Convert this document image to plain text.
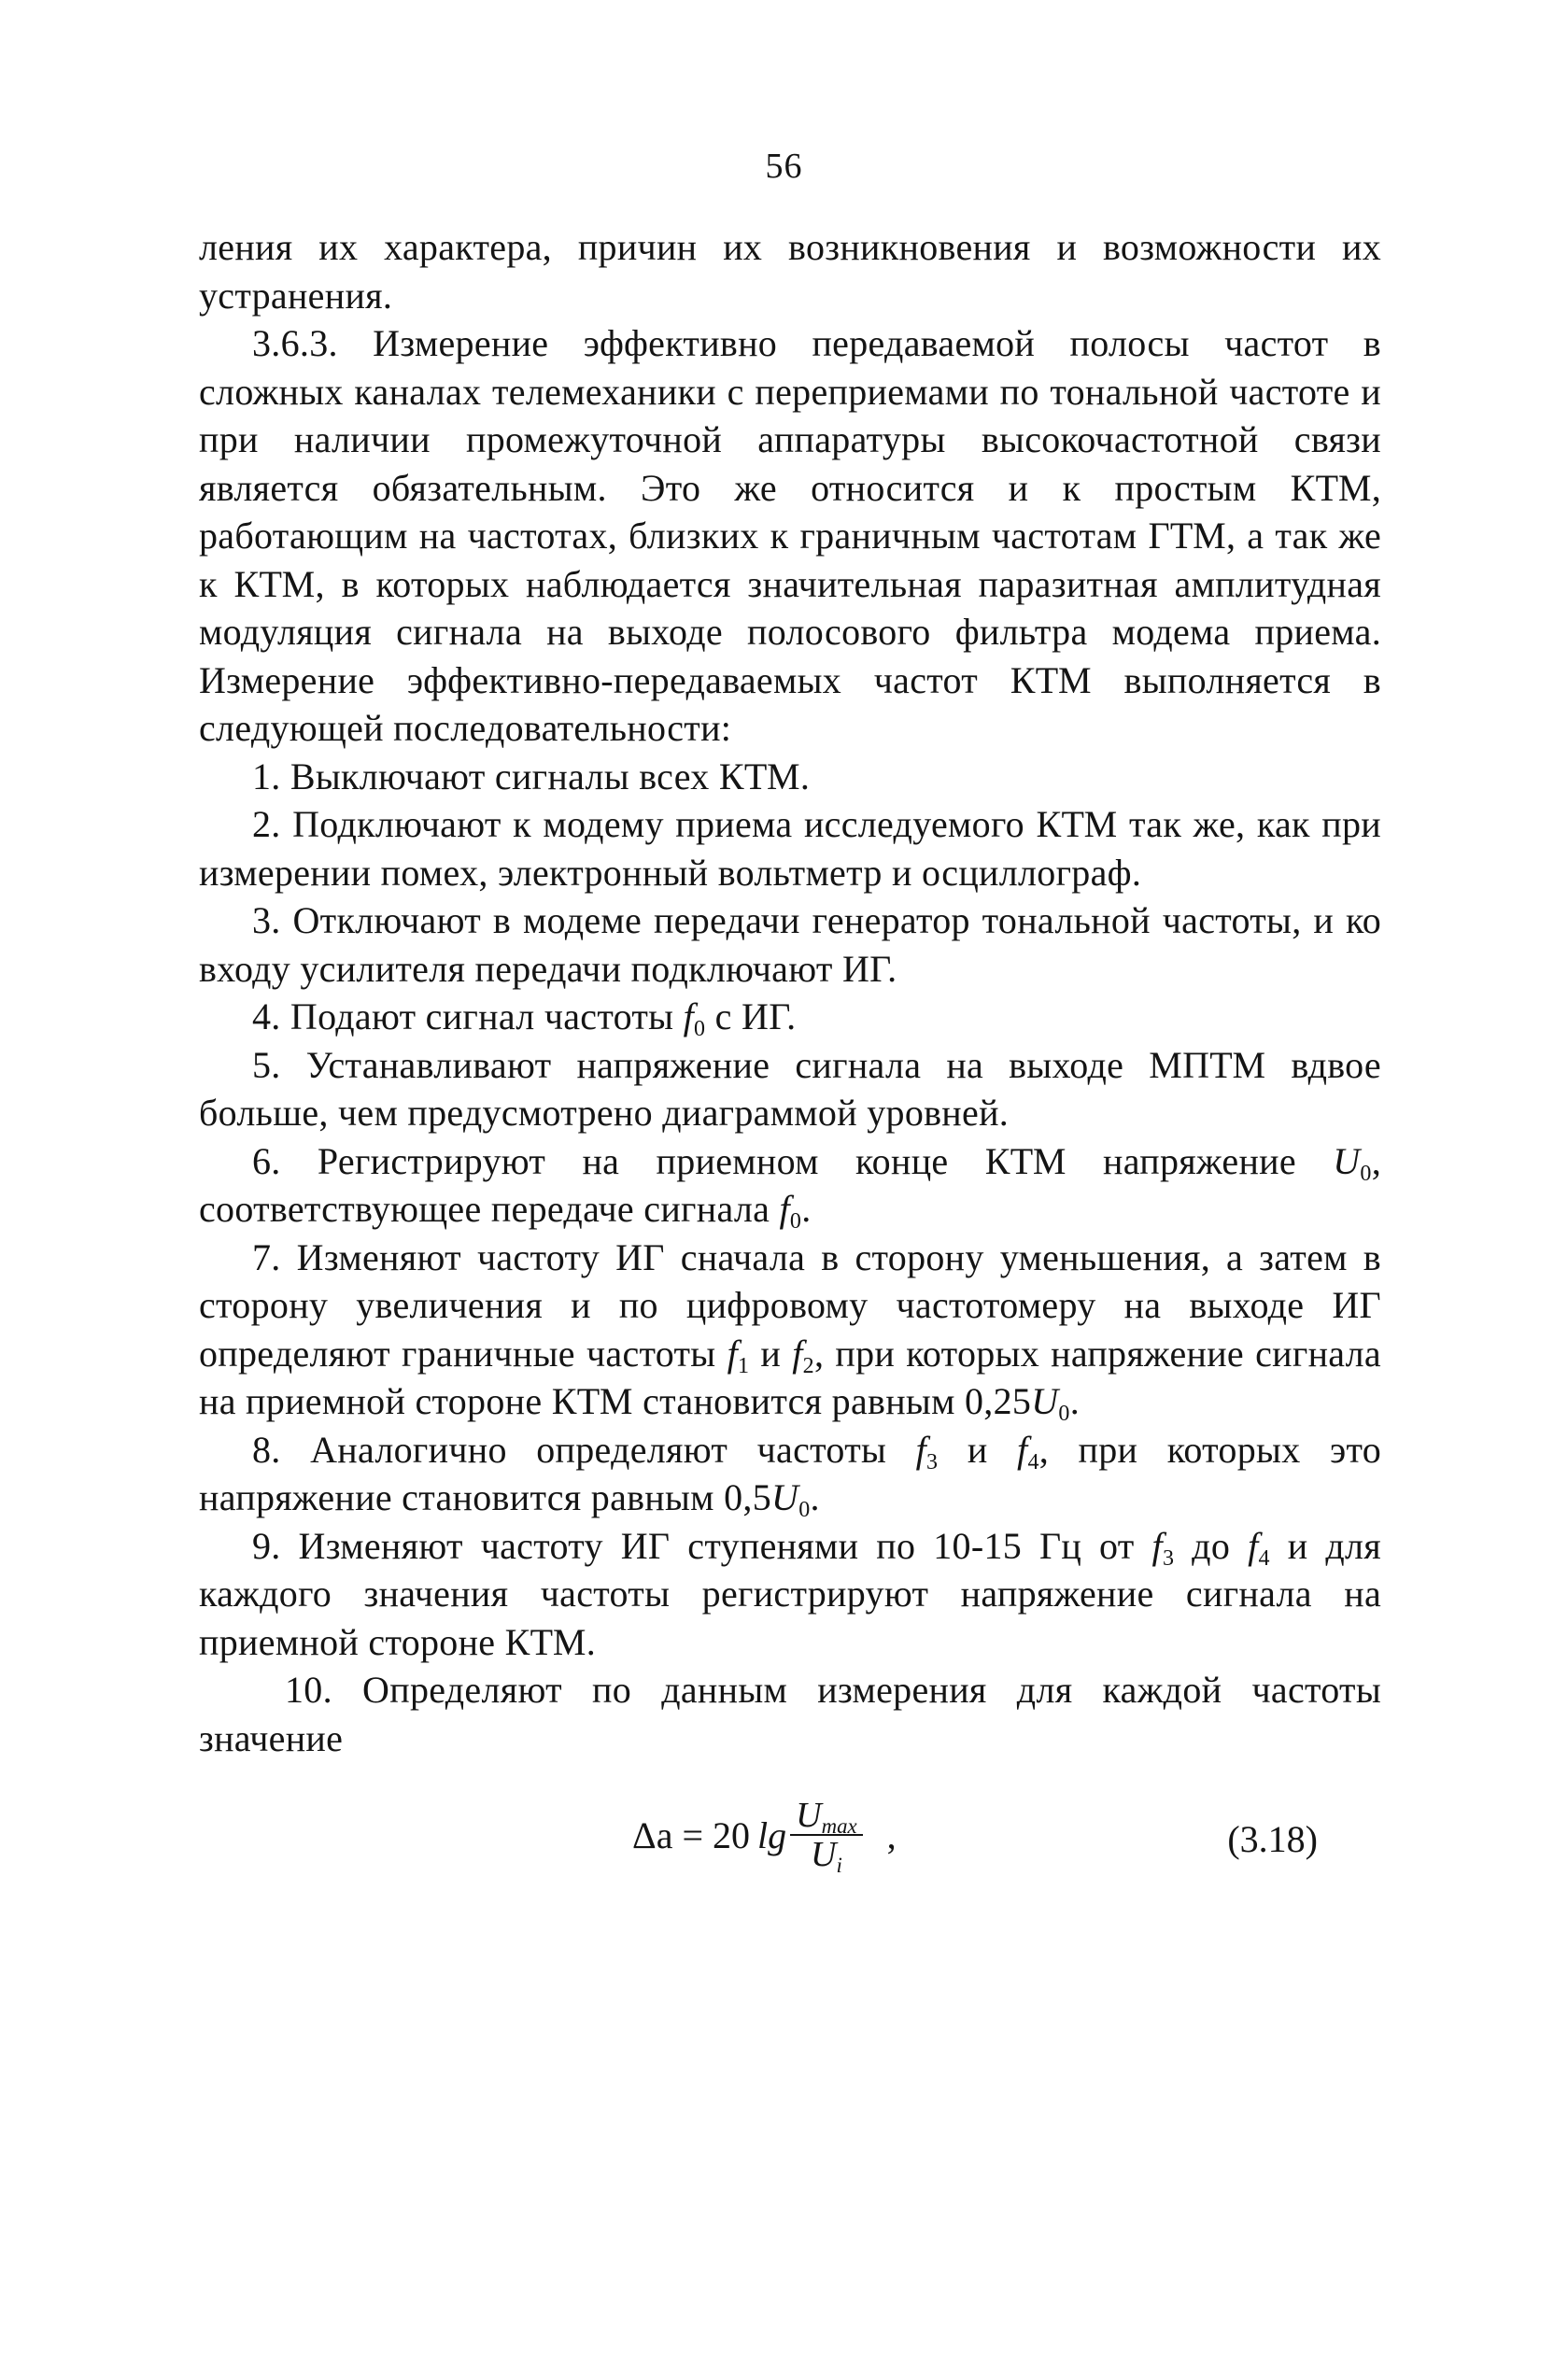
56

ления их характера, причин их возникновения и возможности их устранения.

3.6.3. Измерение эффективно передаваемой полосы частот в сложных каналах телемеханики с переприемами по тональной частоте и при наличии промежуточной аппаратуры высокочастотной связи является обязательным. Это же относится и к простым КТМ, работающим на частотах, близких к граничным частотам ГТМ, а так же к КТМ, в которых наблюдается значительная паразитная амплитудная модуляция сигнала на выходе полосового фильтра модема приема. Измерение эффективно-передаваемых частот КТМ выполняется в следующей последовательности:

1. Выключают сигналы всех КТМ.

2. Подключают к модему приема исследуемого КТМ так же, как при измерении помех, электронный вольтметр и осциллограф.

3. Отключают в модеме передачи генератор тональной частоты, и ко входу усилителя передачи подключают ИГ.

4. Подают сигнал частоты $f_0$ с ИГ.

5. Устанавливают напряжение сигнала на выходе МПТМ вдвое больше, чем предусмотрено диаграммой уровней.

6. Регистрируют на приемном конце КТМ напряжение $U_0$, соответствующее передаче сигнала $f_0$.

7. Изменяют частоту ИГ сначала в сторону уменьшения, а затем в сторону увеличения и по цифровому частотомеру на выходе ИГ определяют граничные частоты $f_1$ и $f_2$, при которых напряжение сигнала на приемной стороне КТМ становится равным $0,25U_0$.

8. Аналогично определяют частоты $f_3$ и $f_4$, при которых это напряжение становится равным $0,5U_0$.

9. Изменяют частоту ИГ ступенями по 10-15 Гц от $f_3$ до $f_4$ и для каждого значения частоты регистрируют напряжение сигнала на приемной стороне КТМ.

10. Определяют по данным измерения для каждой частоты значение

Δa = 20 $\lg \frac{U_{max}}{U_i}$ ,	(3.18)
